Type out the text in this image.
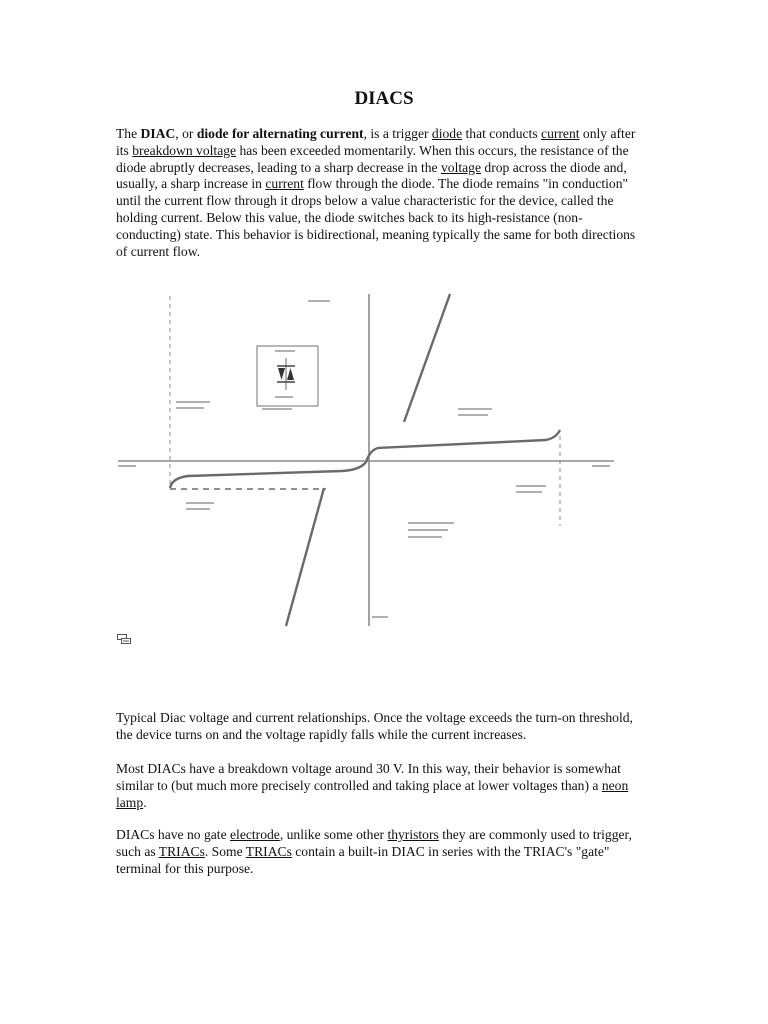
DIACS

The DIAC, or diode for alternating current, is a trigger diode that conducts current only after its breakdown voltage has been exceeded momentarily. When this occurs, the resistance of the diode abruptly decreases, leading to a sharp decrease in the voltage drop across the diode and, usually, a sharp increase in current flow through the diode. The diode remains "in conduction" until the current flow through it drops below a value characteristic for the device, called the holding current. Below this value, the diode switches back to its high-resistance (non-conducting) state. This behavior is bidirectional, meaning typically the same for both directions of current flow.

Typical Diac voltage and current relationships. Once the voltage exceeds the turn-on threshold, the device turns on and the voltage rapidly falls while the current increases.

Most DIACs have a breakdown voltage around 30 V. In this way, their behavior is somewhat similar to (but much more precisely controlled and taking place at lower voltages than) a neon lamp.

DIACs have no gate electrode, unlike some other thyristors they are commonly used to trigger, such as TRIACs. Some TRIACs contain a built-in DIAC in series with the TRIAC's "gate" terminal for this purpose.
